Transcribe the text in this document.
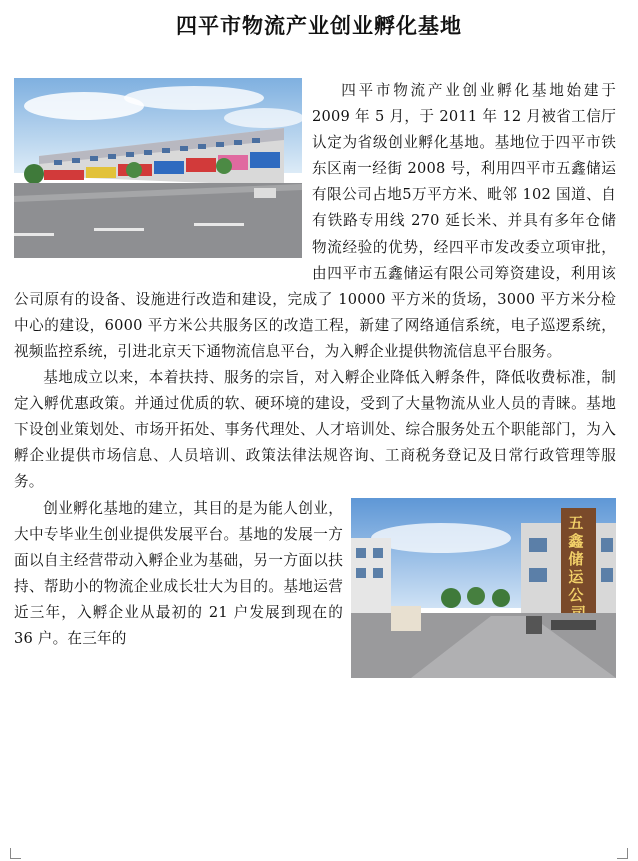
四平市物流产业创业孵化基地

四平市物流产业创业孵化基地始建于 2009 年 5 月，于 2011 年 12 月被省工信厅认定为省级创业孵化基地。基地位于四平市铁东区南一经街 2008 号，利用四平市五鑫储运有限公司占地5万平方米、毗邻 102 国道、自有铁路专用线 270 延长米、并具有多年仓储物流经验的优势，经四平市发改委立项审批，由四平市五鑫储运有限公司筹资建设，利用该公司原有的设备、设施进行改造和建设，完成了 10000 平方米的货场，3000 平方米分检中心的建设，6000 平方米公共服务区的改造工程，新建了网络通信系统，电子巡逻系统，视频监控系统，引进北京天下通物流信息平台，为入孵企业提供物流信息平台服务。

基地成立以来，本着扶持、服务的宗旨，对入孵企业降低入孵条件，降低收费标准，制定入孵优惠政策。并通过优质的软、硬环境的建设，受到了大量物流从业人员的青睐。基地下设创业策划处、市场开拓处、事务代理处、人才培训处、综合服务处五个职能部门，为入孵企业提供市场信息、人员培训、政策法律法规咨询、工商税务登记及日常行政管理等服务。

五 鑫 储 运 公

创业孵化基地的建立，其目的是为能人创业，大中专毕业生创业提供发展平台。基地的发展一方面以自主经营带动入孵企业为基础，另一方面以扶持、帮助小的物流企业成长壮大为目的。基地运营近三年，入孵企业从最初的 21 户发展到现在的 36 户。在三年的
